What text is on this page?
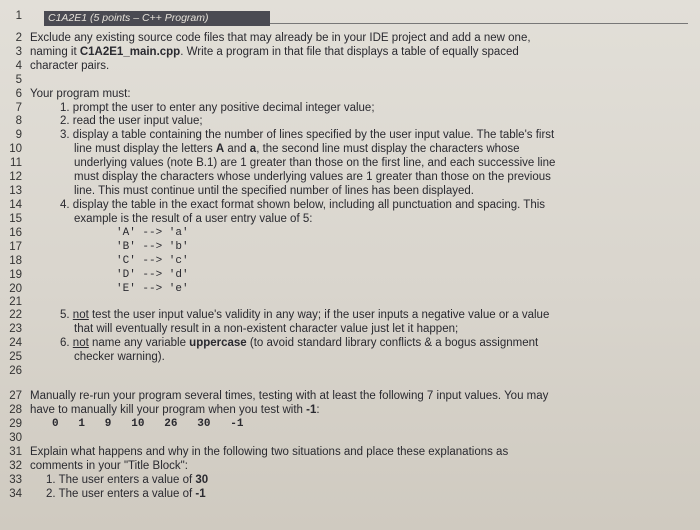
C1A2E1 (5 points – C++ Program)
1
2
3
4
5
6
7
8
9
10
11
12
13
14
15
16
17
18
19
20
21
22
23
24
25
26
27
28
29
30
31
32
33
34
Exclude any existing source code files that may already be in your IDE project and add a new one,
naming it C1A2E1_main.cpp. Write a program in that file that displays a table of equally spaced
character pairs.
Your program must:
1. prompt the user to enter any positive decimal integer value;
2. read the user input value;
3. display a table containing the number of lines specified by the user input value. The table's first
line must display the letters A and a, the second line must display the characters whose
underlying values (note B.1) are 1 greater than those on the first line, and each successive line
must display the characters whose underlying values are 1 greater than those on the previous
line. This must continue until the specified number of lines has been displayed.
4. display the table in the exact format shown below, including all punctuation and spacing. This
example is the result of a user entry value of 5:
'A' --> 'a'
'B' --> 'b'
'C' --> 'c'
'D' --> 'd'
'E' --> 'e'
5. not test the user input value's validity in any way; if the user inputs a negative value or a value
that will eventually result in a non-existent character value just let it happen;
6. not name any variable uppercase (to avoid standard library conflicts & a bogus assignment
checker warning).
Manually re-run your program several times, testing with at least the following 7 input values. You may
have to manually kill your program when you test with -1:
0   1   9   10   26   30   -1
Explain what happens and why in the following two situations and place these explanations as
comments in your "Title Block":
1. The user enters a value of 30
2. The user enters a value of -1
